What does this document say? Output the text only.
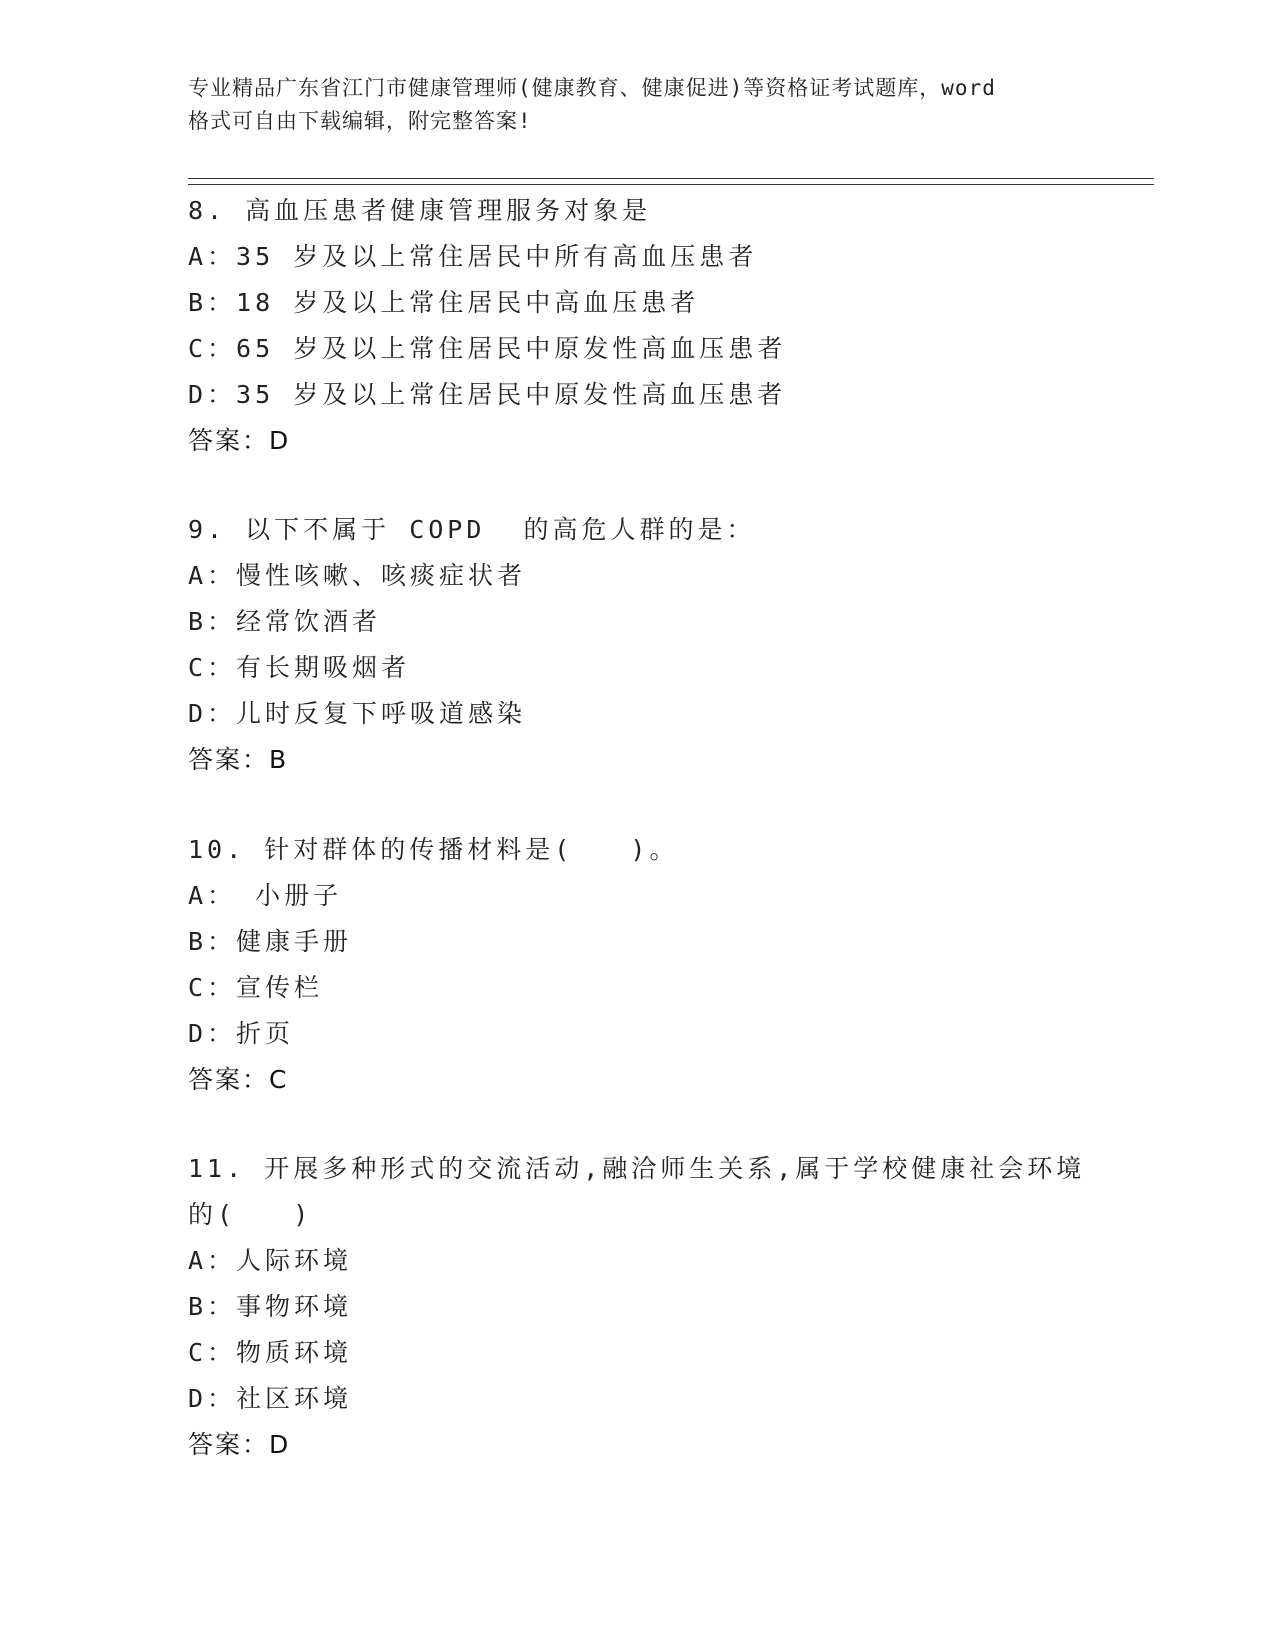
专业精品广东省江门市健康管理师(健康教育、健康促进)等资格证考试题库，word

格式可自由下载编辑，附完整答案!

8. 高血压患者健康管理服务对象是

A：35 岁及以上常住居民中所有高血压患者

B：18 岁及以上常住居民中高血压患者

C：65 岁及以上常住居民中原发性高血压患者

D：35 岁及以上常住居民中原发性高血压患者

答案：D

9. 以下不属于 COPD  的高危人群的是：

A：慢性咳嗽、咳痰症状者

B：经常饮酒者

C：有长期吸烟者

D：儿时反复下呼吸道感染

答案：B

10. 针对群体的传播材料是(   )。

A： 小册子

B：健康手册

C：宣传栏

D：折页

答案：C

11. 开展多种形式的交流活动,融洽师生关系,属于学校健康社会环境

的(   )

A：人际环境

B：事物环境

C：物质环境

D：社区环境

答案：D
